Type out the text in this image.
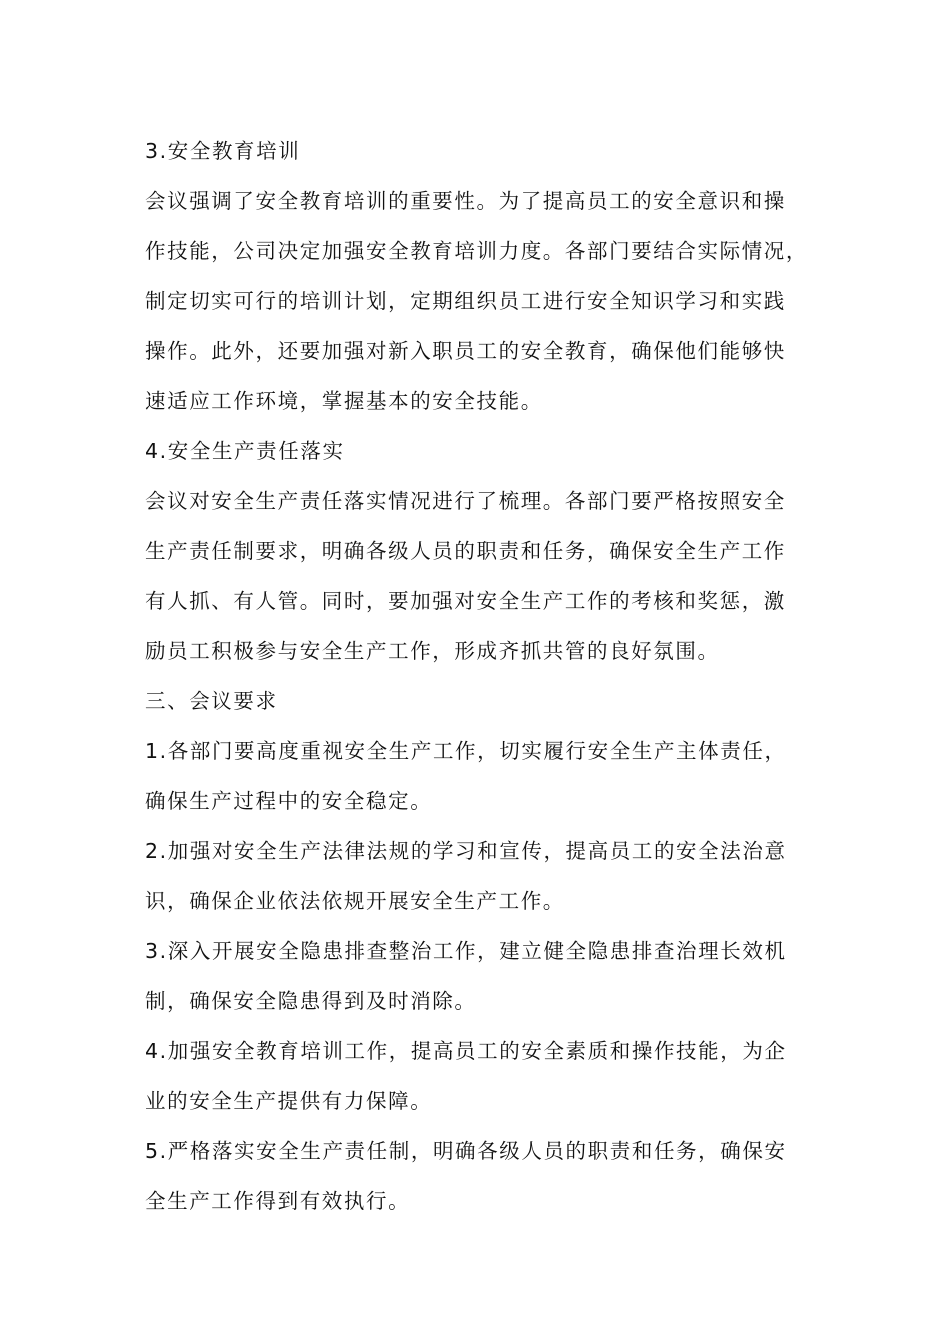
3.安全教育培训
会议强调了安全教育培训的重要性。为了提高员工的安全意识和操
作技能，公司决定加强安全教育培训力度。各部门要结合实际情况，
制定切实可行的培训计划，定期组织员工进行安全知识学习和实践
操作。此外，还要加强对新入职员工的安全教育，确保他们能够快
速适应工作环境，掌握基本的安全技能。
4.安全生产责任落实
会议对安全生产责任落实情况进行了梳理。各部门要严格按照安全
生产责任制要求，明确各级人员的职责和任务，确保安全生产工作
有人抓、有人管。同时，要加强对安全生产工作的考核和奖惩，激
励员工积极参与安全生产工作，形成齐抓共管的良好氛围。
三、会议要求
1.各部门要高度重视安全生产工作，切实履行安全生产主体责任，
确保生产过程中的安全稳定。
2.加强对安全生产法律法规的学习和宣传，提高员工的安全法治意
识，确保企业依法依规开展安全生产工作。
3.深入开展安全隐患排查整治工作，建立健全隐患排查治理长效机
制，确保安全隐患得到及时消除。
4.加强安全教育培训工作，提高员工的安全素质和操作技能，为企
业的安全生产提供有力保障。
5.严格落实安全生产责任制，明确各级人员的职责和任务，确保安
全生产工作得到有效执行。
